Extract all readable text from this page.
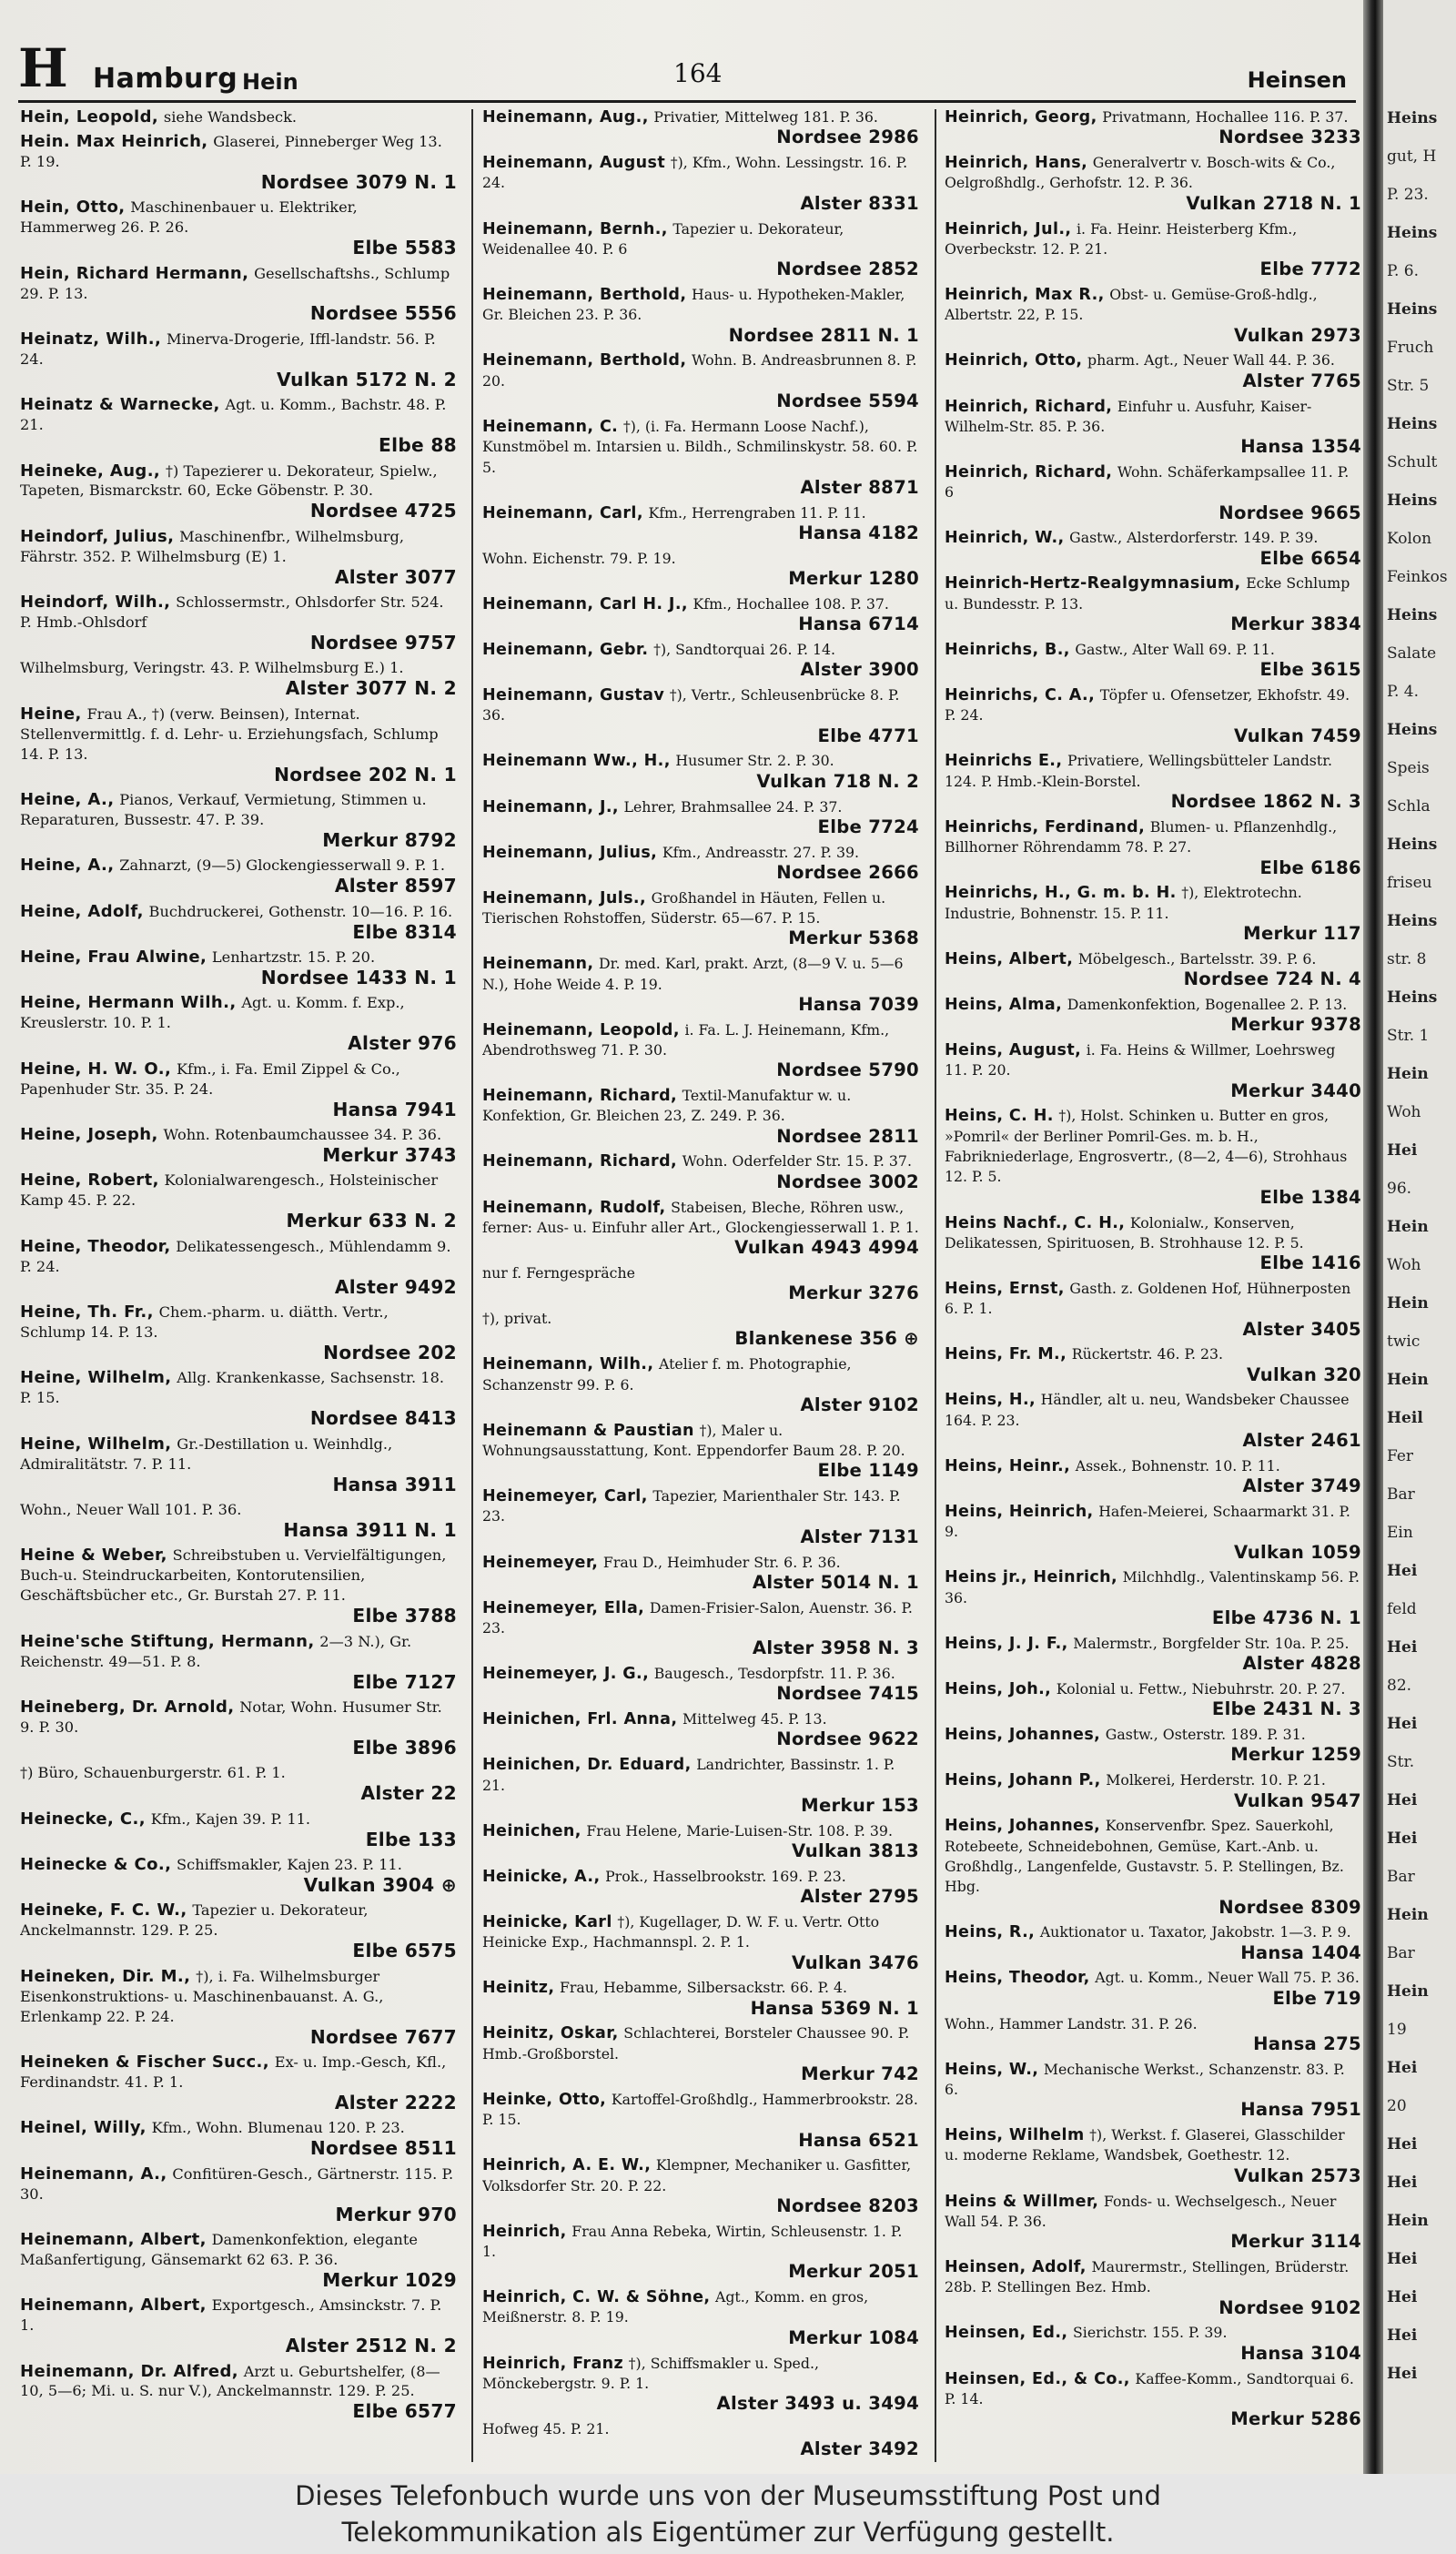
H Hamburg Hein	164	Heinsen
Hein, Leopold, siehe Wandsbeck.
Hein. Max Heinrich, Glaserei, Pinneberger Weg 13. P. 19.
Nordsee 3079 N. 1
Hein, Otto, Maschinenbauer u. Elektriker, Hammerweg 26. P. 26.
Elbe 5583
Hein, Richard Hermann, Gesellschaftshs., Schlump 29. P. 13.
Nordsee 5556
Heinatz, Wilh., Minerva-Drogerie, Iffl-landstr. 56. P. 24.
Vulkan 5172 N. 2
Heinatz & Warnecke, Agt. u. Komm., Bachstr. 48. P. 21.
Elbe 88
Heineke, Aug., †) Tapezierer u. Dekorateur, Spielw., Tapeten, Bismarckstr. 60, Ecke Göbenstr. P. 30.
Nordsee 4725
Heindorf, Julius, Maschinenfbr., Wilhelmsburg, Fährstr. 352. P. Wilhelmsburg (E) 1.
Alster 3077
Heindorf, Wilh., Schlossermstr., Ohlsdorfer Str. 524. P. Hmb.-Ohlsdorf
Nordsee 9757
Wilhelmsburg, Veringstr. 43. P. Wilhelmsburg E.) 1.
Alster 3077 N. 2
Heine, Frau A., †) (verw. Beinsen), Internat. Stellenvermittlg. f. d. Lehr- u. Erziehungsfach, Schlump 14. P. 13.
Nordsee 202 N. 1
Heine, A., Pianos, Verkauf, Vermietung, Stimmen u. Reparaturen, Bussestr. 47. P. 39.
Merkur 8792
Heine, A., Zahnarzt, (9—5) Glockengiesserwall 9. P. 1.
Alster 8597
Heine, Adolf, Buchdruckerei, Gothenstr. 10—16. P. 16.
Elbe 8314
Heine, Frau Alwine, Lenhartzstr. 15. P. 20.
Nordsee 1433 N. 1
Heine, Hermann Wilh., Agt. u. Komm. f. Exp., Kreuslerstr. 10. P. 1.
Alster 976
Heine, H. W. O., Kfm., i. Fa. Emil Zippel & Co., Papenhuder Str. 35. P. 24.
Hansa 7941
Heine, Joseph, Wohn. Rotenbaumchaussee 34. P. 36.
Merkur 3743
Heine, Robert, Kolonialwarengesch., Holsteinischer Kamp 45. P. 22.
Merkur 633 N. 2
Heine, Theodor, Delikatessengesch., Mühlendamm 9. P. 24.
Alster 9492
Heine, Th. Fr., Chem.-pharm. u. diätth. Vertr., Schlump 14. P. 13.
Nordsee 202
Heine, Wilhelm, Allg. Krankenkasse, Sachsenstr. 18. P. 15.
Nordsee 8413
Heine, Wilhelm, Gr.-Destillation u. Weinhdlg., Admiralitätstr. 7. P. 11.
Hansa 3911
Wohn., Neuer Wall 101. P. 36.
Hansa 3911 N. 1
Heine & Weber, Schreibstuben u. Vervielfältigungen, Buch-u. Steindruckarbeiten, Kontorutensilien, Geschäftsbücher etc., Gr. Burstah 27. P. 11.
Elbe 3788
Heine'sche Stiftung, Hermann, 2—3 N.), Gr. Reichenstr. 49—51. P. 8.
Elbe 7127
Heineberg, Dr. Arnold, Notar, Wohn. Husumer Str. 9. P. 30.
Elbe 3896
†) Büro, Schauenburgerstr. 61. P. 1.
Alster 22
Heinecke, C., Kfm., Kajen 39. P. 11.
Elbe 133
Heinecke & Co., Schiffsmakler, Kajen 23. P. 11.
Vulkan 3904 ⊕
Heineke, F. C. W., Tapezier u. Dekorateur, Anckelmannstr. 129. P. 25.
Elbe 6575
Heineken, Dir. M., †), i. Fa. Wilhelmsburger Eisenkonstruktions- u. Maschinenbauanst. A. G., Erlenkamp 22. P. 24.
Nordsee 7677
Heineken & Fischer Succ., Ex- u. Imp.-Gesch, Kfl., Ferdinandstr. 41. P. 1.
Alster 2222
Heinel, Willy, Kfm., Wohn. Blumenau 120. P. 23.
Nordsee 8511
Heinemann, A., Confitüren-Gesch., Gärtnerstr. 115. P. 30.
Merkur 970
Heinemann, Albert, Damenkonfektion, elegante Maßanfertigung, Gänsemarkt 62 63. P. 36.
Merkur 1029
Heinemann, Albert, Exportgesch., Amsinckstr. 7. P. 1.
Alster 2512 N. 2
Heinemann, Dr. Alfred, Arzt u. Geburtshelfer, (8—10, 5—6; Mi. u. S. nur V.), Anckelmannstr. 129. P. 25.
Elbe 6577
Heinemann, Aug., Privatier, Mittelweg 181. P. 36.
Nordsee 2986
Heinemann, August †), Kfm., Wohn. Lessingstr. 16. P. 24.
Alster 8331
Heinemann, Bernh., Tapezier u. Dekorateur, Weidenallee 40. P. 6
Nordsee 2852
Heinemann, Berthold, Haus- u. Hypotheken-Makler, Gr. Bleichen 23. P. 36.
Nordsee 2811 N. 1
Heinemann, Berthold, Wohn. B. Andreasbrunnen 8. P. 20.
Nordsee 5594
Heinemann, C. †), (i. Fa. Hermann Loose Nachf.), Kunstmöbel m. Intarsien u. Bildh., Schmilinskystr. 58. 60. P. 5.
Alster 8871
Heinemann, Carl, Kfm., Herrengraben 11. P. 11.
Hansa 4182
Wohn. Eichenstr. 79. P. 19.
Merkur 1280
Heinemann, Carl H. J., Kfm., Hochallee 108. P. 37.
Hansa 6714
Heinemann, Gebr. †), Sandtorquai 26. P. 14.
Alster 3900
Heinemann, Gustav †), Vertr., Schleusenbrücke 8. P. 36.
Elbe 4771
Heinemann Ww., H., Husumer Str. 2. P. 30.
Vulkan 718 N. 2
Heinemann, J., Lehrer, Brahmsallee 24. P. 37.
Elbe 7724
Heinemann, Julius, Kfm., Andreasstr. 27. P. 39.
Nordsee 2666
Heinemann, Juls., Großhandel in Häuten, Fellen u. Tierischen Rohstoffen, Süderstr. 65—67. P. 15.
Merkur 5368
Heinemann, Dr. med. Karl, prakt. Arzt, (8—9 V. u. 5—6 N.), Hohe Weide 4. P. 19.
Hansa 7039
Heinemann, Leopold, i. Fa. L. J. Heinemann, Kfm., Abendrothsweg 71. P. 30.
Nordsee 5790
Heinemann, Richard, Textil-Manufaktur w. u. Konfektion, Gr. Bleichen 23, Z. 249. P. 36.
Nordsee 2811
Heinemann, Richard, Wohn. Oderfelder Str. 15. P. 37.
Nordsee 3002
Heinemann, Rudolf, Stabeisen, Bleche, Röhren usw., ferner: Aus- u. Einfuhr aller Art., Glockengiesserwall 1. P. 1.
Vulkan 4943 4994
nur f. Ferngespräche
Merkur 3276
†), privat.
Blankenese 356 ⊕
Heinemann, Wilh., Atelier f. m. Photographie, Schanzenstr 99. P. 6.
Alster 9102
Heinemann & Paustian †), Maler u. Wohnungsausstattung, Kont. Eppendorfer Baum 28. P. 20.
Elbe 1149
Heinemeyer, Carl, Tapezier, Marienthaler Str. 143. P. 23.
Alster 7131
Heinemeyer, Frau D., Heimhuder Str. 6. P. 36.
Alster 5014 N. 1
Heinemeyer, Ella, Damen-Frisier-Salon, Auenstr. 36. P. 23.
Alster 3958 N. 3
Heinemeyer, J. G., Baugesch., Tesdorpfstr. 11. P. 36.
Nordsee 7415
Heinichen, Frl. Anna, Mittelweg 45. P. 13.
Nordsee 9622
Heinichen, Dr. Eduard, Landrichter, Bassinstr. 1. P. 21.
Merkur 153
Heinichen, Frau Helene, Marie-Luisen-Str. 108. P. 39.
Vulkan 3813
Heinicke, A., Prok., Hasselbrookstr. 169. P. 23.
Alster 2795
Heinicke, Karl †), Kugellager, D. W. F. u. Vertr. Otto Heinicke Exp., Hachmannspl. 2. P. 1.
Vulkan 3476
Heinitz, Frau, Hebamme, Silbersackstr. 66. P. 4.
Hansa 5369 N. 1
Heinitz, Oskar, Schlachterei, Borsteler Chaussee 90. P. Hmb.-Großborstel.
Merkur 742
Heinke, Otto, Kartoffel-Großhdlg., Hammerbrookstr. 28. P. 15.
Hansa 6521
Heinrich, A. E. W., Klempner, Mechaniker u. Gasfitter, Volksdorfer Str. 20. P. 22.
Nordsee 8203
Heinrich, Frau Anna Rebeka, Wirtin, Schleusenstr. 1. P. 1.
Merkur 2051
Heinrich, C. W. & Söhne, Agt., Komm. en gros, Meißnerstr. 8. P. 19.
Merkur 1084
Heinrich, Franz †), Schiffsmakler u. Sped., Mönckebergstr. 9. P. 1.
Alster 3493 u. 3494
Hofweg 45. P. 21.
Alster 3492
Heinrich, Georg, Privatmann, Hochallee 116. P. 37.
Nordsee 3233
Heinrich, Hans, Generalvertr v. Bosch-wits & Co., Oelgroßhdlg., Gerhofstr. 12. P. 36.
Vulkan 2718 N. 1
Heinrich, Jul., i. Fa. Heinr. Heisterberg Kfm., Overbeckstr. 12. P. 21.
Elbe 7772
Heinrich, Max R., Obst- u. Gemüse-Groß-hdlg., Albertstr. 22, P. 15.
Vulkan 2973
Heinrich, Otto, pharm. Agt., Neuer Wall 44. P. 36.
Alster 7765
Heinrich, Richard, Einfuhr u. Ausfuhr, Kaiser-Wilhelm-Str. 85. P. 36.
Hansa 1354
Heinrich, Richard, Wohn. Schäferkampsallee 11. P. 6
Nordsee 9665
Heinrich, W., Gastw., Alsterdorferstr. 149. P. 39.
Elbe 6654
Heinrich-Hertz-Realgymnasium, Ecke Schlump u. Bundesstr. P. 13.
Merkur 3834
Heinrichs, B., Gastw., Alter Wall 69. P. 11.
Elbe 3615
Heinrichs, C. A., Töpfer u. Ofensetzer, Ekhofstr. 49. P. 24.
Vulkan 7459
Heinrichs E., Privatiere, Wellingsbütteler Landstr. 124. P. Hmb.-Klein-Borstel.
Nordsee 1862 N. 3
Heinrichs, Ferdinand, Blumen- u. Pflanzenhdlg., Billhorner Röhrendamm 78. P. 27.
Elbe 6186
Heinrichs, H., G. m. b. H. †), Elektrotechn. Industrie, Bohnenstr. 15. P. 11.
Merkur 117
Heins, Albert, Möbelgesch., Bartelsstr. 39. P. 6.
Nordsee 724 N. 4
Heins, Alma, Damenkonfektion, Bogenallee 2. P. 13.
Merkur 9378
Heins, August, i. Fa. Heins & Willmer, Loehrsweg 11. P. 20.
Merkur 3440
Heins, C. H. †), Holst. Schinken u. Butter en gros, »Pomril« der Berliner Pomril-Ges. m. b. H., Fabrikniederlage, Engrosvertr., (8—2, 4—6), Strohhaus 12. P. 5.
Elbe 1384
Heins Nachf., C. H., Kolonialw., Konserven, Delikatessen, Spirituosen, B. Strohhause 12. P. 5.
Elbe 1416
Heins, Ernst, Gasth. z. Goldenen Hof, Hühnerposten 6. P. 1.
Alster 3405
Heins, Fr. M., Rückertstr. 46. P. 23.
Vulkan 320
Heins, H., Händler, alt u. neu, Wandsbeker Chaussee 164. P. 23.
Alster 2461
Heins, Heinr., Assek., Bohnenstr. 10. P. 11.
Alster 3749
Heins, Heinrich, Hafen-Meierei, Schaarmarkt 31. P. 9.
Vulkan 1059
Heins jr., Heinrich, Milchhdlg., Valentinskamp 56. P. 36.
Elbe 4736 N. 1
Heins, J. J. F., Malermstr., Borgfelder Str. 10a. P. 25.
Alster 4828
Heins, Joh., Kolonial u. Fettw., Niebuhrstr. 20. P. 27.
Elbe 2431 N. 3
Heins, Johannes, Gastw., Osterstr. 189. P. 31.
Merkur 1259
Heins, Johann P., Molkerei, Herderstr. 10. P. 21.
Vulkan 9547
Heins, Johannes, Konservenfbr. Spez. Sauerkohl, Rotebeete, Schneidebohnen, Gemüse, Kart.-Anb. u. Großhdlg., Langenfelde, Gustavstr. 5. P. Stellingen, Bz. Hbg.
Nordsee 8309
Heins, R., Auktionator u. Taxator, Jakobstr. 1—3. P. 9.
Hansa 1404
Heins, Theodor, Agt. u. Komm., Neuer Wall 75. P. 36.
Elbe 719
Wohn., Hammer Landstr. 31. P. 26.
Hansa 275
Heins, W., Mechanische Werkst., Schanzenstr. 83. P. 6.
Hansa 7951
Heins, Wilhelm †), Werkst. f. Glaserei, Glasschilder u. moderne Reklame, Wandsbek, Goethestr. 12.
Vulkan 2573
Heins & Willmer, Fonds- u. Wechselgesch., Neuer Wall 54. P. 36.
Merkur 3114
Heinsen, Adolf, Maurermstr., Stellingen, Brüderstr. 28b. P. Stellingen Bez. Hmb.
Nordsee 9102
Heinsen, Ed., Sierichstr. 155. P. 39.
Hansa 3104
Heinsen, Ed., & Co., Kaffee-Komm., Sandtorquai 6. P. 14.
Merkur 5286
Heins
gut, H
P. 23.
Heins
P. 6.
Heins
Fruch
Str. 5
Heins
Schult
Heins
Kolon
Feinkos
Heins
Salate
P. 4.
Heins
Speis
Schla
Heins
friseu
Heins
str. 8
Heins
Str. 1
Hein
Woh
Hei
96.
Hein
Woh
Hein
twic
Hein
Heil
Fer
Bar
Ein
Hei
feld
Hei
82.
Hei
Str.
Hei
Hei
Bar
Hein
Bar
Hein
19
Hei
20
Hei
Hei
Hein
Hei
Hei
Hei
Hei
Dieses Telefonbuch wurde uns von der Museumsstiftung Post und
Telekommunikation als Eigentümer zur Verfügung gestellt.
